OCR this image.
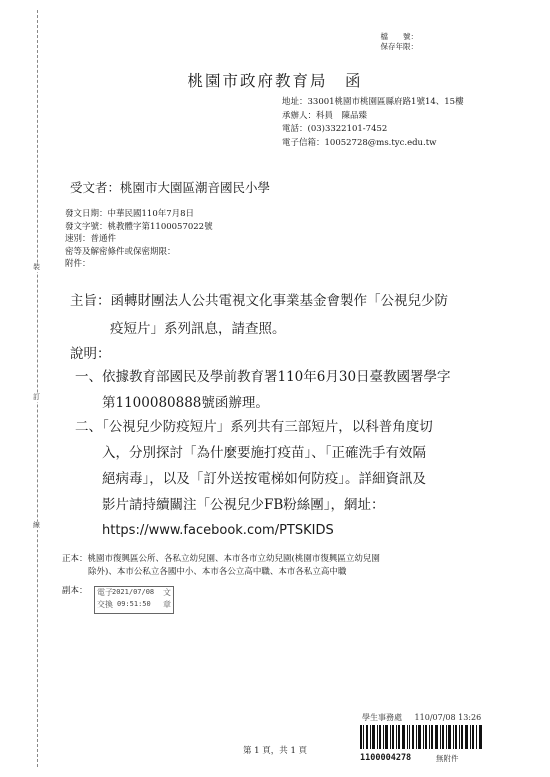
裝
訂
線
檔　　號：
保存年限：
桃園市政府教育局　函
地址：33001桃園市桃園區縣府路1號14、15樓
承辦人：科員　陳品臻
電話：(03)3322101-7452
電子信箱：10052728@ms.tyc.edu.tw
受文者：桃園市大園區潮音國民小學
發文日期：中華民國110年7月8日
發文字號：桃教體字第1100057022號
速別：普通件
密等及解密條件或保密期限：
附件：
主旨：函轉財團法人公共電視文化事業基金會製作「公視兒少防
疫短片」系列訊息，請查照。
說明：
一、依據教育部國民及學前教育署110年6月30日臺教國署學字
第1100080888號函辦理。
二、「公視兒少防疫短片」系列共有三部短片，以科普角度切
入，分別探討「為什麼要施打疫苗」、「正確洗手有效隔
絕病毒」，以及「訂外送按電梯如何防疫」。詳細資訊及
影片請持續關注「公視兒少FB粉絲團」，網址：
https://www.facebook.com/PTSKIDS
正本：桃園市復興區公所、各私立幼兒園、本市各市立幼兒園(桃園市復興區立幼兒園
除外)、本市公私立各國中小、本市各公立高中職、本市各私立高中職
副本：	電子
交換
文
章
2021/07/08
09:51:50
學生事務處 110/07/08 13:26
1100004278	無附件
第 1 頁，共 1 頁
